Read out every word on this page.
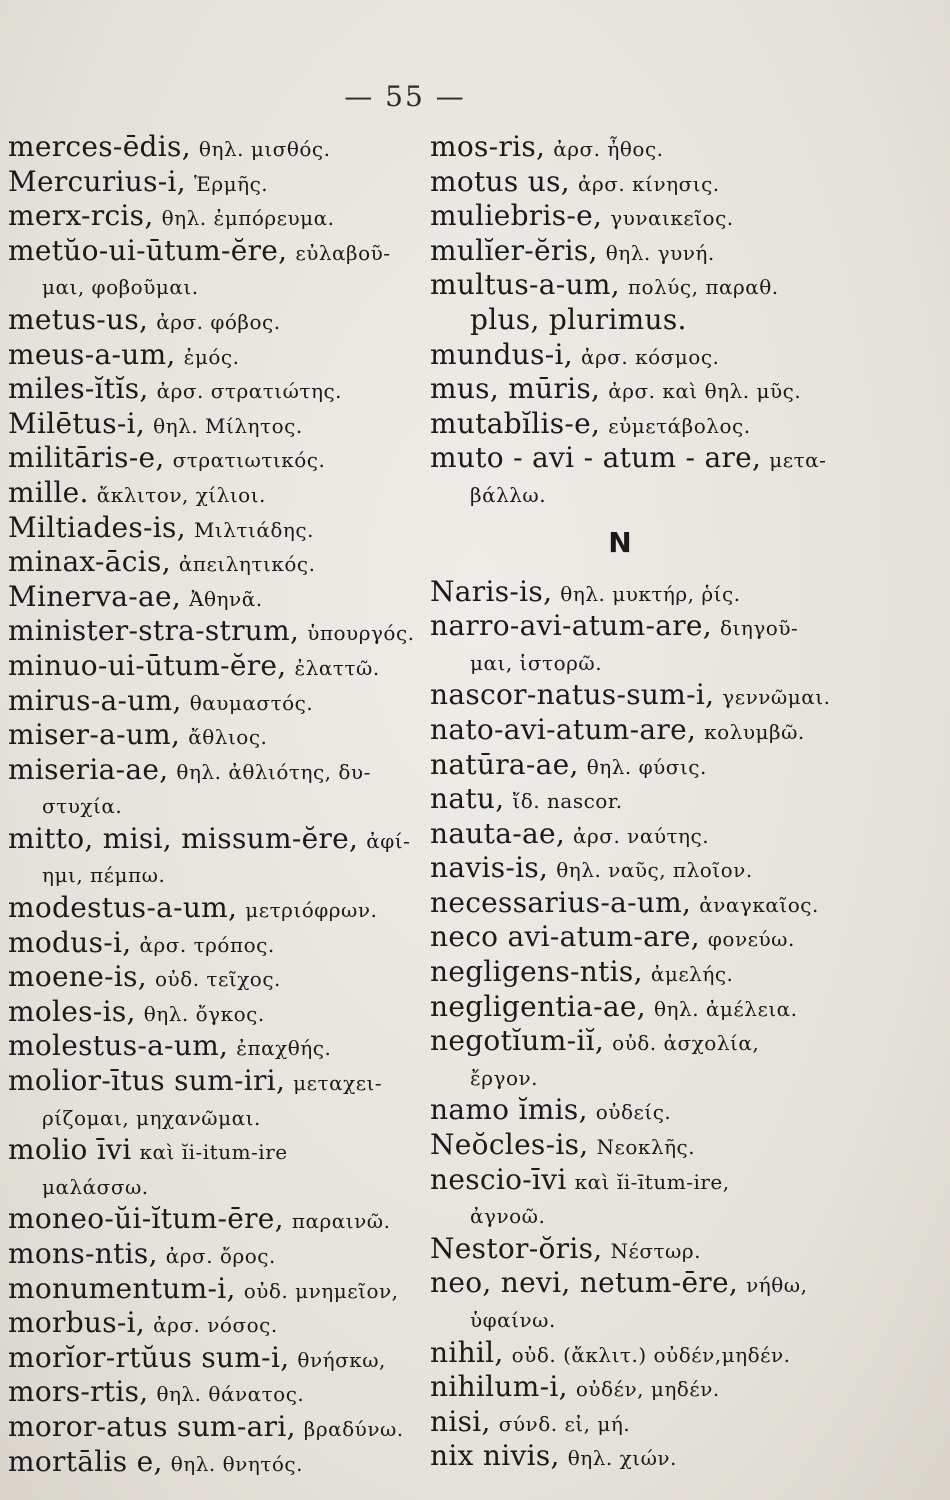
— 55 —
merces-ēdis, θηλ. μισθός.
Mercurius-i, Ἑρμῆς.
merx-rcis, θηλ. ἐμπόρευμα.
metŭo-ui-ūtum-ĕre, εὐλαβοῦ-
μαι, φοβοῦμαι.
metus-us, ἀρσ. φόβος.
meus-a-um, ἐμός.
miles-ĭtĭs, ἀρσ. στρατιώτης.
Milētus-i, θηλ. Μίλητος.
militāris-e, στρατιωτικός.
mille. ἄκλιτον, χίλιοι.
Miltiades-is, Μιλτιάδης.
minax-ācis, ἀπειλητικός.
Minerva-ae, Ἀθηνᾶ.
minister-stra-strum, ὑπουργός.
minuo-ui-ūtum-ĕre, ἐλαττῶ.
mirus-a-um, θαυμαστός.
miser-a-um, ἄθλιος.
miseria-ae, θηλ. ἀθλιότης, δυ-
στυχία.
mitto, misi, missum-ĕre, ἀφί-
ημι, πέμπω.
modestus-a-um, μετριόφρων.
modus-i, ἀρσ. τρόπος.
moene-is, οὐδ. τεῖχος.
moles-is, θηλ. ὄγκος.
molestus-a-um, ἐπαχθής.
molior-ītus sum-iri, μεταχει-
ρίζομαι, μηχανῶμαι.
molio īvi καὶ ĭi-itum-ire
μαλάσσω.
moneo-ŭi-ĭtum-ēre, παραινῶ.
mons-ntis, ἀρσ. ὄρος.
monumentum-i, οὐδ. μνημεῖον,
morbus-i, ἀρσ. νόσος.
morĭor-rtŭus sum-i, θνήσκω,
mors-rtis, θηλ. θάνατος.
moror-atus sum-ari, βραδύνω.
mortālis e, θηλ. θνητός.
mos-ris, ἀρσ. ἦθος.
motus us, ἀρσ. κίνησις.
muliebris-e, γυναικεῖος.
mulĭer-ĕris, θηλ. γυνή.
multus-a-um, πολύς, παραθ.
plus, plurimus.
mundus-i, ἀρσ. κόσμος.
mus, mūris, ἀρσ. καὶ θηλ. μῦς.
mutabĭlis-e, εὐμετάβολος.
muto - avi - atum - are, μετα-
βάλλω.
N
Naris-is, θηλ. μυκτήρ, ῥίς.
narro-avi-atum-are, διηγοῦ-
μαι, ἱστορῶ.
nascor-natus-sum-i, γεννῶμαι.
nato-avi-atum-are, κολυμβῶ.
natūra-ae, θηλ. φύσις.
natu, ἴδ. nascor.
nauta-ae, ἀρσ. ναύτης.
navis-is, θηλ. ναῦς, πλοῖον.
necessarius-a-um, ἀναγκαῖος.
neco avi-atum-are, φονεύω.
negligens-ntis, ἀμελής.
negligentia-ae, θηλ. ἀμέλεια.
negotĭum-iĭ, οὐδ. ἀσχολία,
ἔργον.
namo ĭmis, οὐδείς.
Neŏcles-is, Νεοκλῆς.
nescio-īvi καὶ ĭi-ītum-ire,
ἀγνοῶ.
Nestor-ŏris, Νέστωρ.
neo, nevi, netum-ēre, νήθω,
ὑφαίνω.
nihil, οὐδ. (ἄκλιτ.) οὐδέν,μηδέν.
nihilum-i, οὐδέν, μηδέν.
nisi, σύνδ. εἰ, μή.
nix nivis, θηλ. χιών.
